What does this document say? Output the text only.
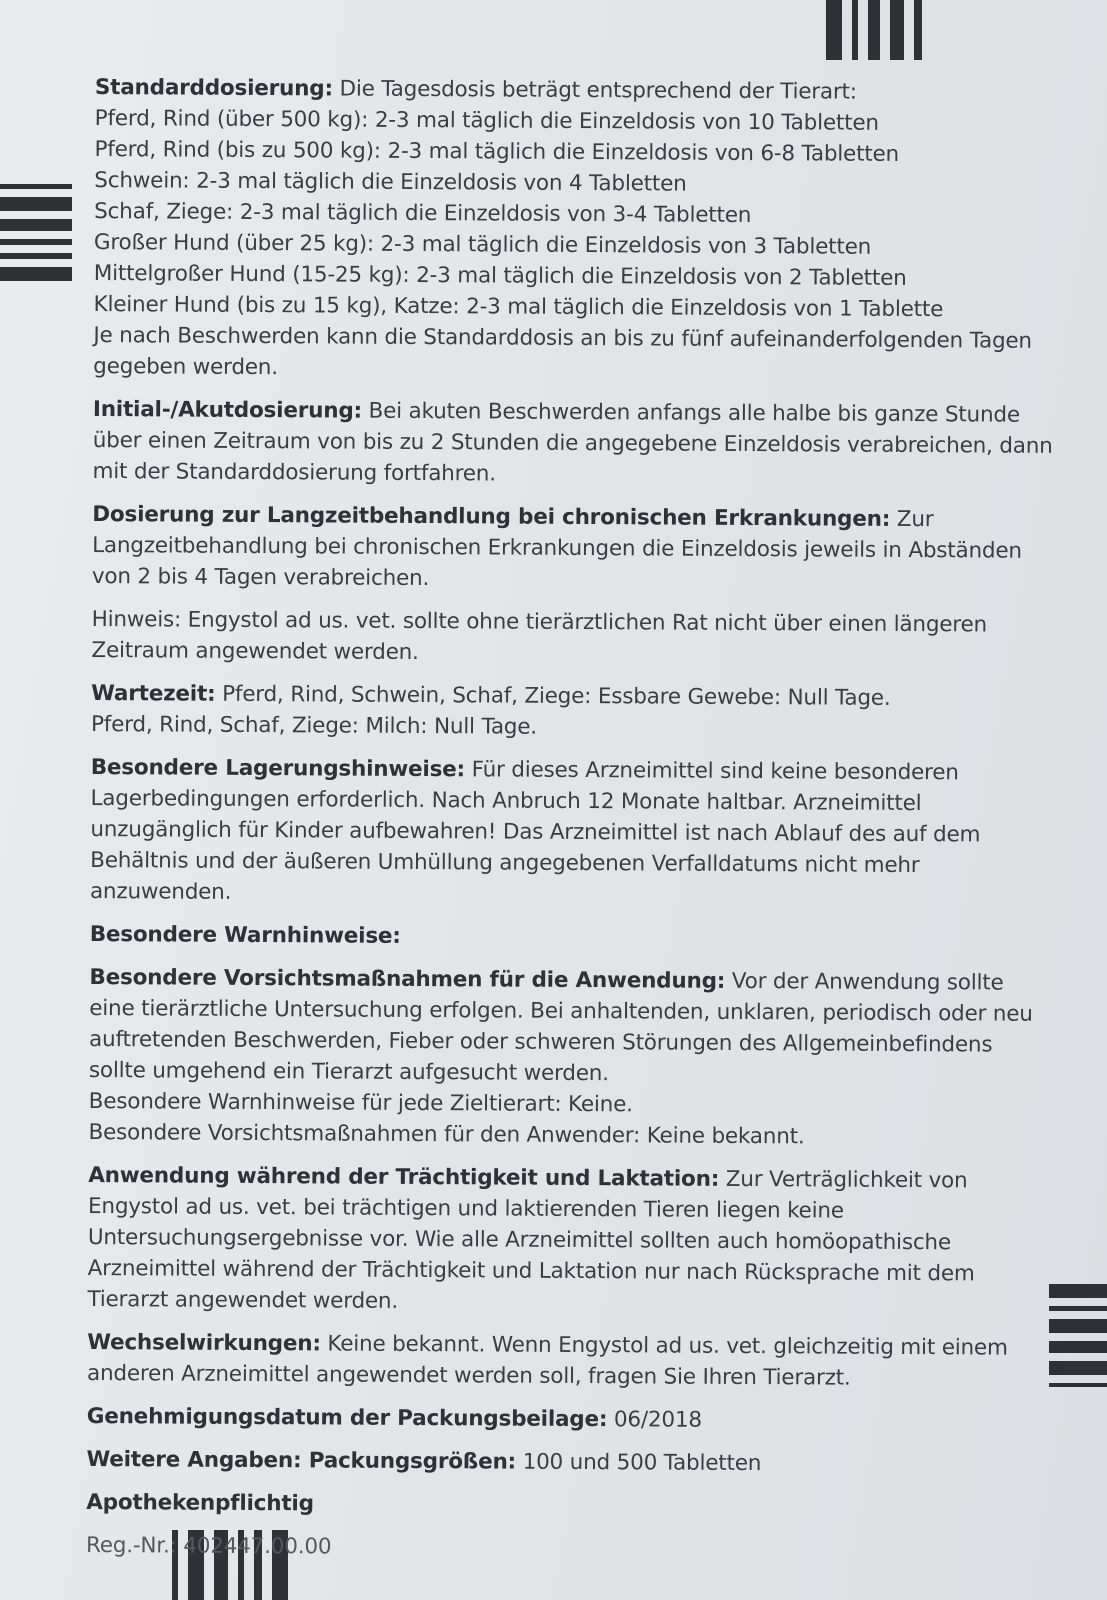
Standarddosierung: Die Tagesdosis beträgt entsprechend der Tierart:
Pferd, Rind (über 500 kg): 2-3 mal täglich die Einzeldosis von 10 Tabletten
Pferd, Rind (bis zu 500 kg): 2-3 mal täglich die Einzeldosis von 6-8 Tabletten
Schwein: 2-3 mal täglich die Einzeldosis von 4 Tabletten
Schaf, Ziege: 2-3 mal täglich die Einzeldosis von 3-4 Tabletten
Großer Hund (über 25 kg): 2-3 mal täglich die Einzeldosis von 3 Tabletten
Mittelgroßer Hund (15-25 kg): 2-3 mal täglich die Einzeldosis von 2 Tabletten
Kleiner Hund (bis zu 15 kg), Katze: 2-3 mal täglich die Einzeldosis von 1 Tablette
Je nach Beschwerden kann die Standarddosis an bis zu fünf aufeinanderfolgenden Tagen gegeben werden.

Initial-/Akutdosierung: Bei akuten Beschwerden anfangs alle halbe bis ganze Stunde über einen Zeitraum von bis zu 2 Stunden die angegebene Einzeldosis verabreichen, dann mit der Standarddosierung fortfahren.

Dosierung zur Langzeitbehandlung bei chronischen Erkrankungen: Zur Langzeitbehandlung bei chronischen Erkrankungen die Einzeldosis jeweils in Abständen von 2 bis 4 Tagen verabreichen.

Hinweis: Engystol ad us. vet. sollte ohne tierärztlichen Rat nicht über einen längeren Zeitraum angewendet werden.

Wartezeit: Pferd, Rind, Schwein, Schaf, Ziege: Essbare Gewebe: Null Tage.
Pferd, Rind, Schaf, Ziege: Milch: Null Tage.

Besondere Lagerungshinweise: Für dieses Arzneimittel sind keine besonderen Lagerbedingungen erforderlich. Nach Anbruch 12 Monate haltbar. Arzneimittel unzugänglich für Kinder aufbewahren! Das Arzneimittel ist nach Ablauf des auf dem Behältnis und der äußeren Umhüllung angegebenen Verfalldatums nicht mehr anzuwenden.

Besondere Warnhinweise:

Besondere Vorsichtsmaßnahmen für die Anwendung: Vor der Anwendung sollte eine tierärztliche Untersuchung erfolgen. Bei anhaltenden, unklaren, periodisch oder neu auftretenden Beschwerden, Fieber oder schweren Störungen des Allgemeinbefindens sollte umgehend ein Tierarzt aufgesucht werden.
Besondere Warnhinweise für jede Zieltierart: Keine.
Besondere Vorsichtsmaßnahmen für den Anwender: Keine bekannt.

Anwendung während der Trächtigkeit und Laktation: Zur Verträglichkeit von Engystol ad us. vet. bei trächtigen und laktierenden Tieren liegen keine Untersuchungsergebnisse vor. Wie alle Arzneimittel sollten auch homöopathische Arzneimittel während der Trächtigkeit und Laktation nur nach Rücksprache mit dem Tierarzt angewendet werden.

Wechselwirkungen: Keine bekannt. Wenn Engystol ad us. vet. gleichzeitig mit einem anderen Arzneimittel angewendet werden soll, fragen Sie Ihren Tierarzt.

Genehmigungsdatum der Packungsbeilage: 06/2018

Weitere Angaben: Packungsgrößen: 100 und 500 Tabletten

Apothekenpflichtig

Reg.-Nr.: 402447.00.00
